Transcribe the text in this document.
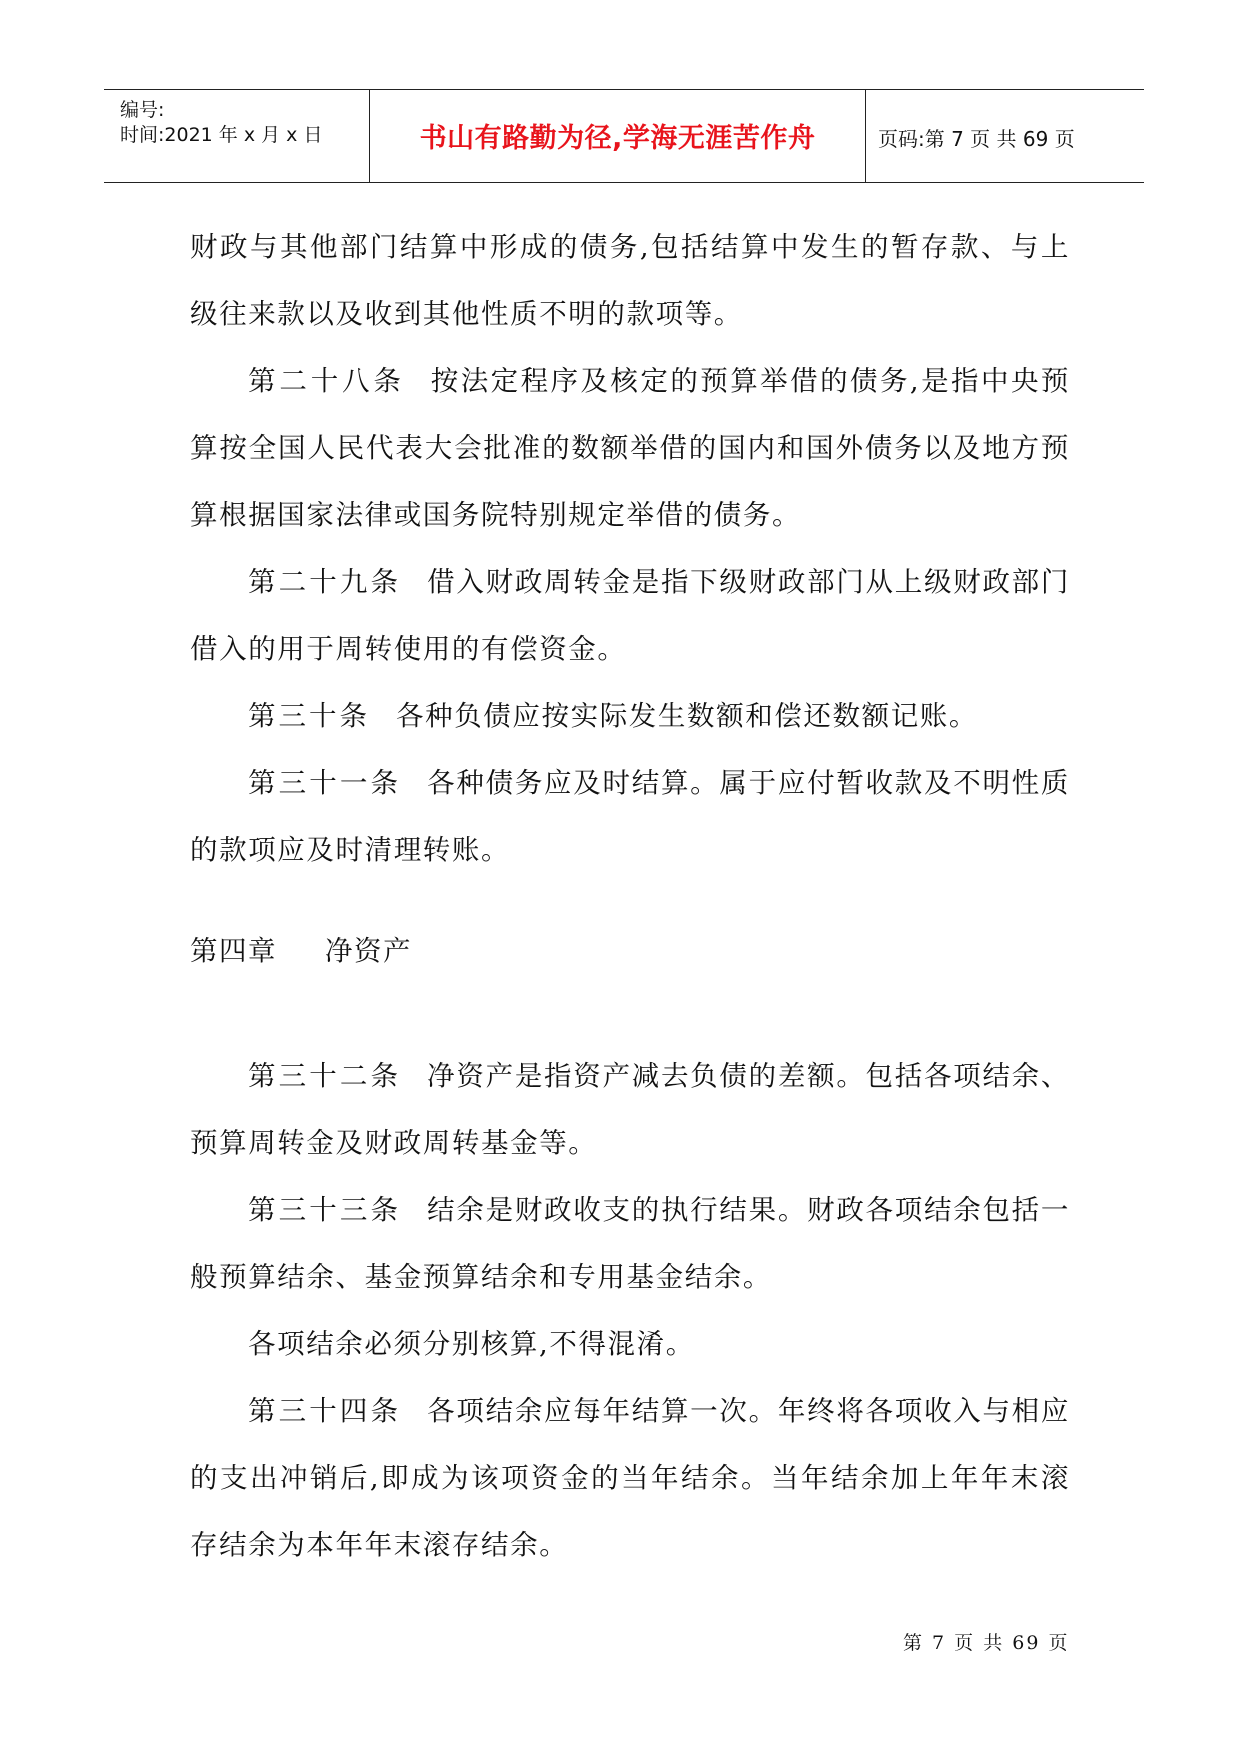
编号:
时间:2021 年 x 月 x 日	书山有路勤为径,学海无涯苦作舟	页码:第 7 页 共 69 页

财政与其他部门结算中形成的债务,包括结算中发生的暂存款、与上级往来款以及收到其他性质不明的款项等。

第二十八条 按法定程序及核定的预算举借的债务,是指中央预算按全国人民代表大会批准的数额举借的国内和国外债务以及地方预算根据国家法律或国务院特别规定举借的债务。

第二十九条 借入财政周转金是指下级财政部门从上级财政部门借入的用于周转使用的有偿资金。

第三十条 各种负债应按实际发生数额和偿还数额记账。

第三十一条 各种债务应及时结算。属于应付暂收款及不明性质的款项应及时清理转账。

第四章 净资产

第三十二条 净资产是指资产减去负债的差额。包括各项结余、预算周转金及财政周转基金等。

第三十三条 结余是财政收支的执行结果。财政各项结余包括一般预算结余、基金预算结余和专用基金结余。

各项结余必须分别核算,不得混淆。

第三十四条 各项结余应每年结算一次。年终将各项收入与相应的支出冲销后,即成为该项资金的当年结余。当年结余加上年年末滚存结余为本年年末滚存结余。

第 7 页 共 69 页
